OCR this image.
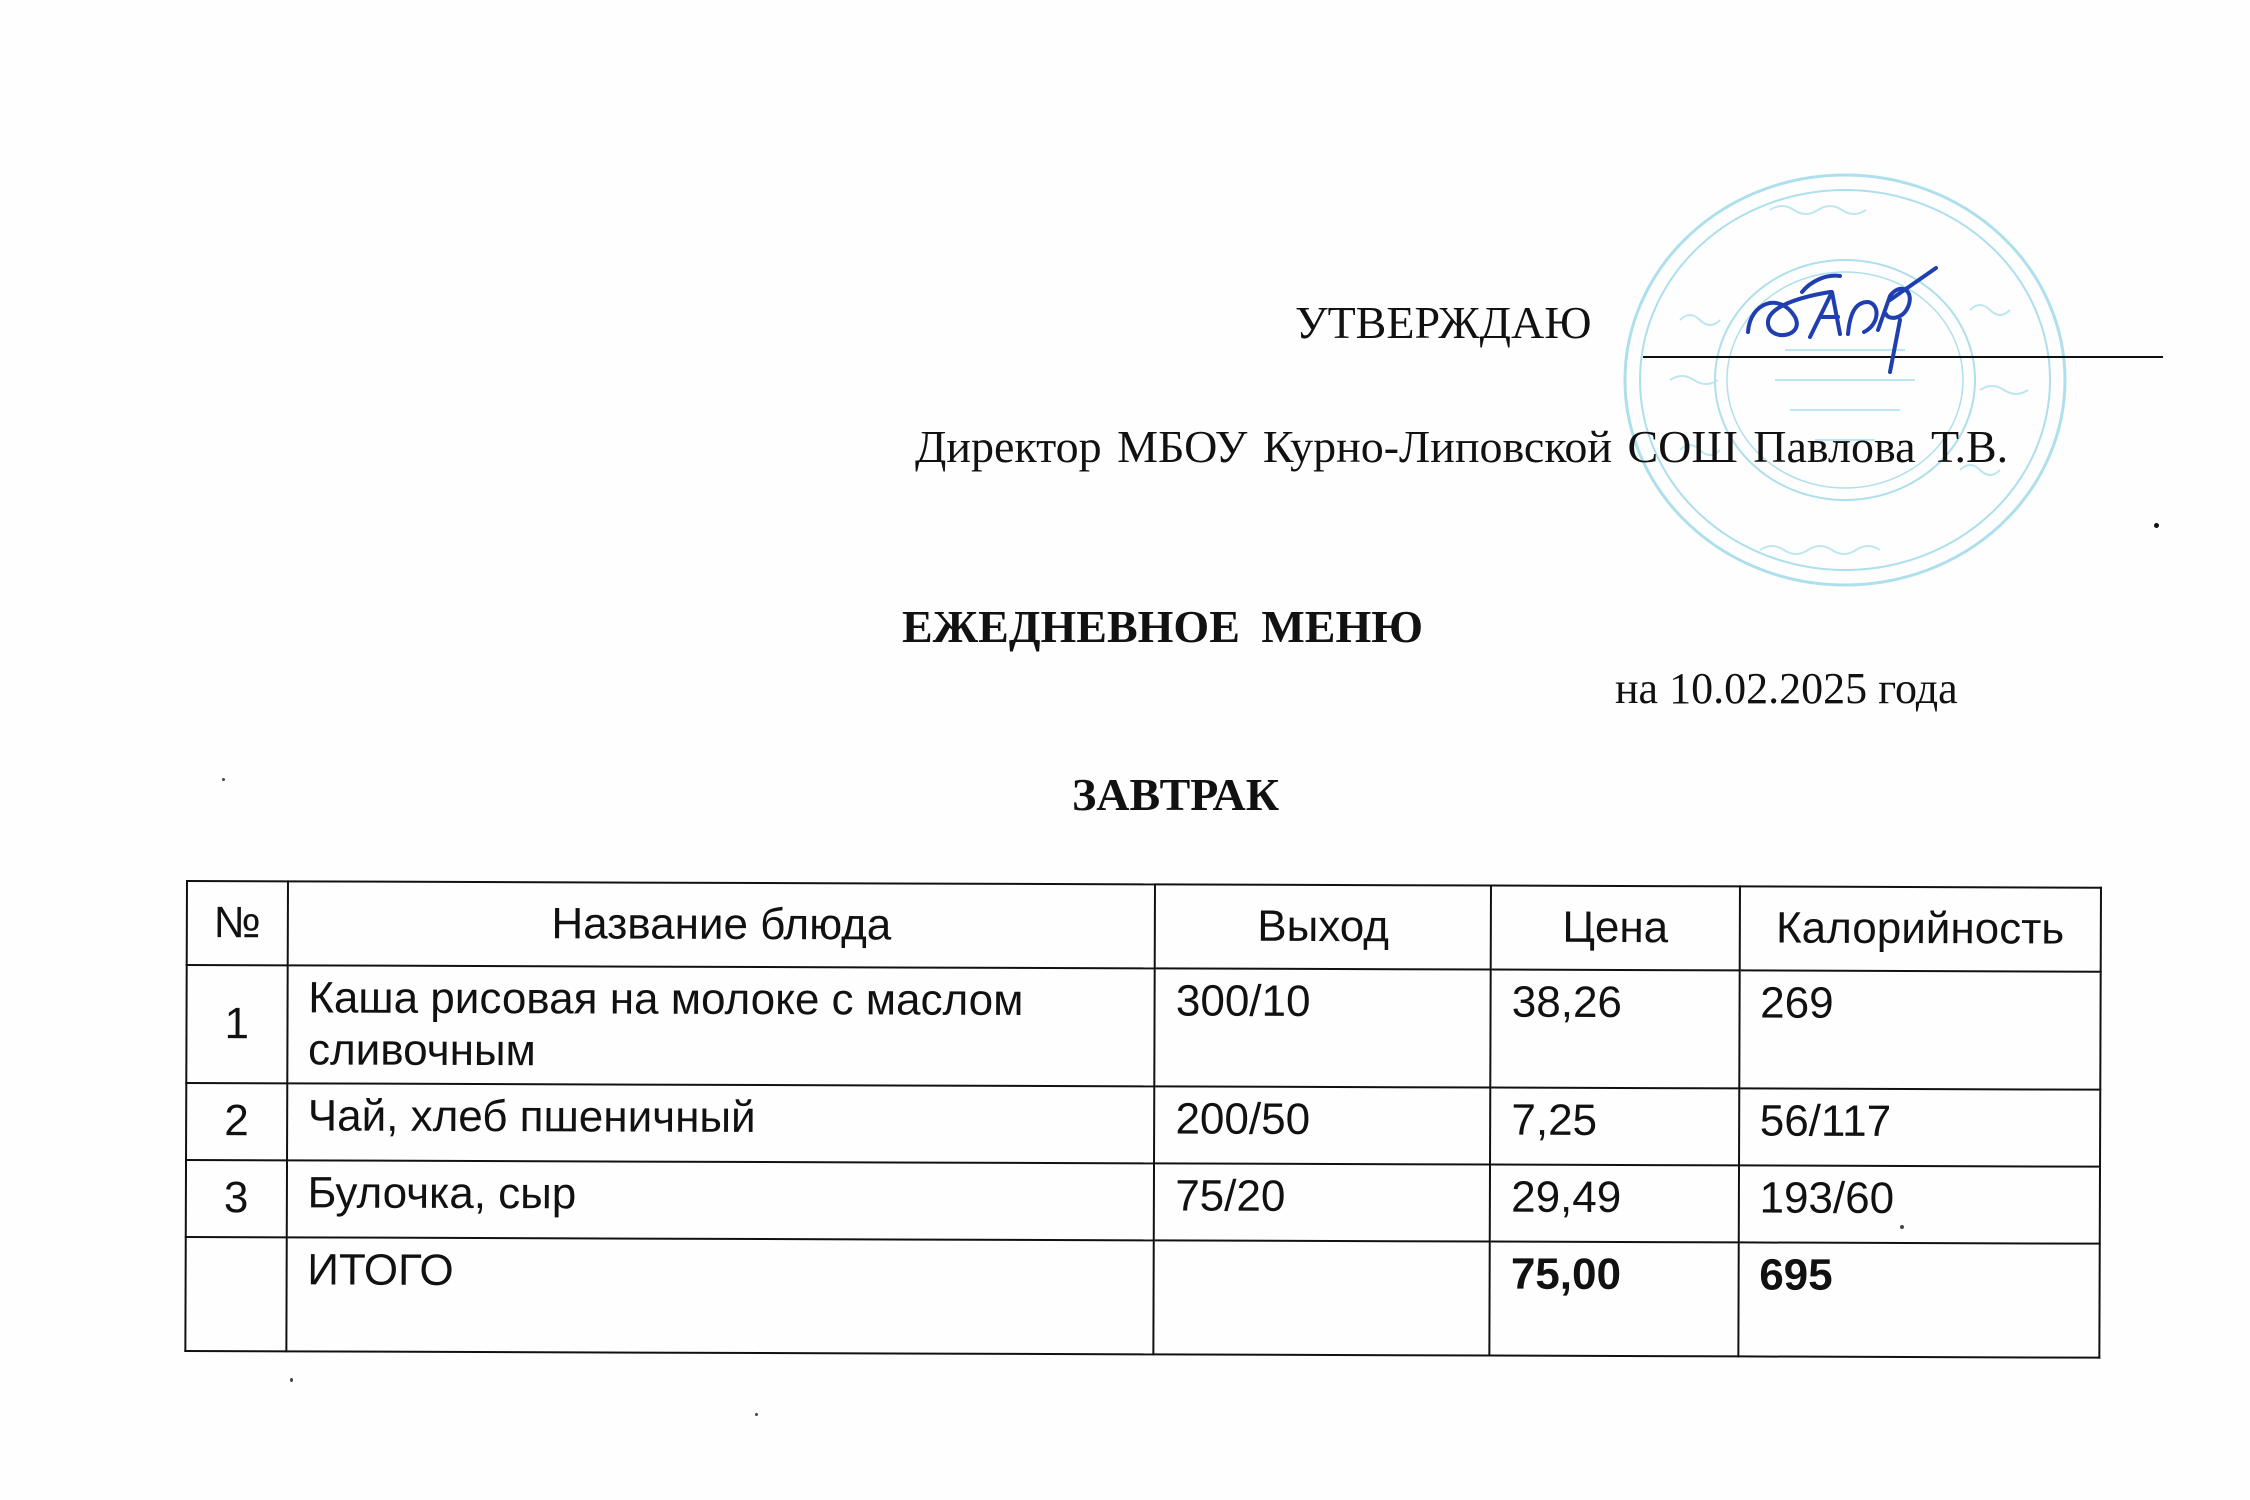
УТВЕРЖДАЮ
Директор МБОУ Курно-Липовской СОШ Павлова Т.В.
ЕЖЕДНЕВНОЕ МЕНЮ
на 10.02.2025 года
ЗАВТРАК
№	Название блюда	Выход	Цена	Калорийность
1	Каша рисовая на молоке с маслом сливочным	300/10	38,26	269
2	Чай, хлеб пшеничный	200/50	7,25	56/117
3	Булочка, сыр	75/20	29,49	193/60
	ИТОГО		75,00	695
